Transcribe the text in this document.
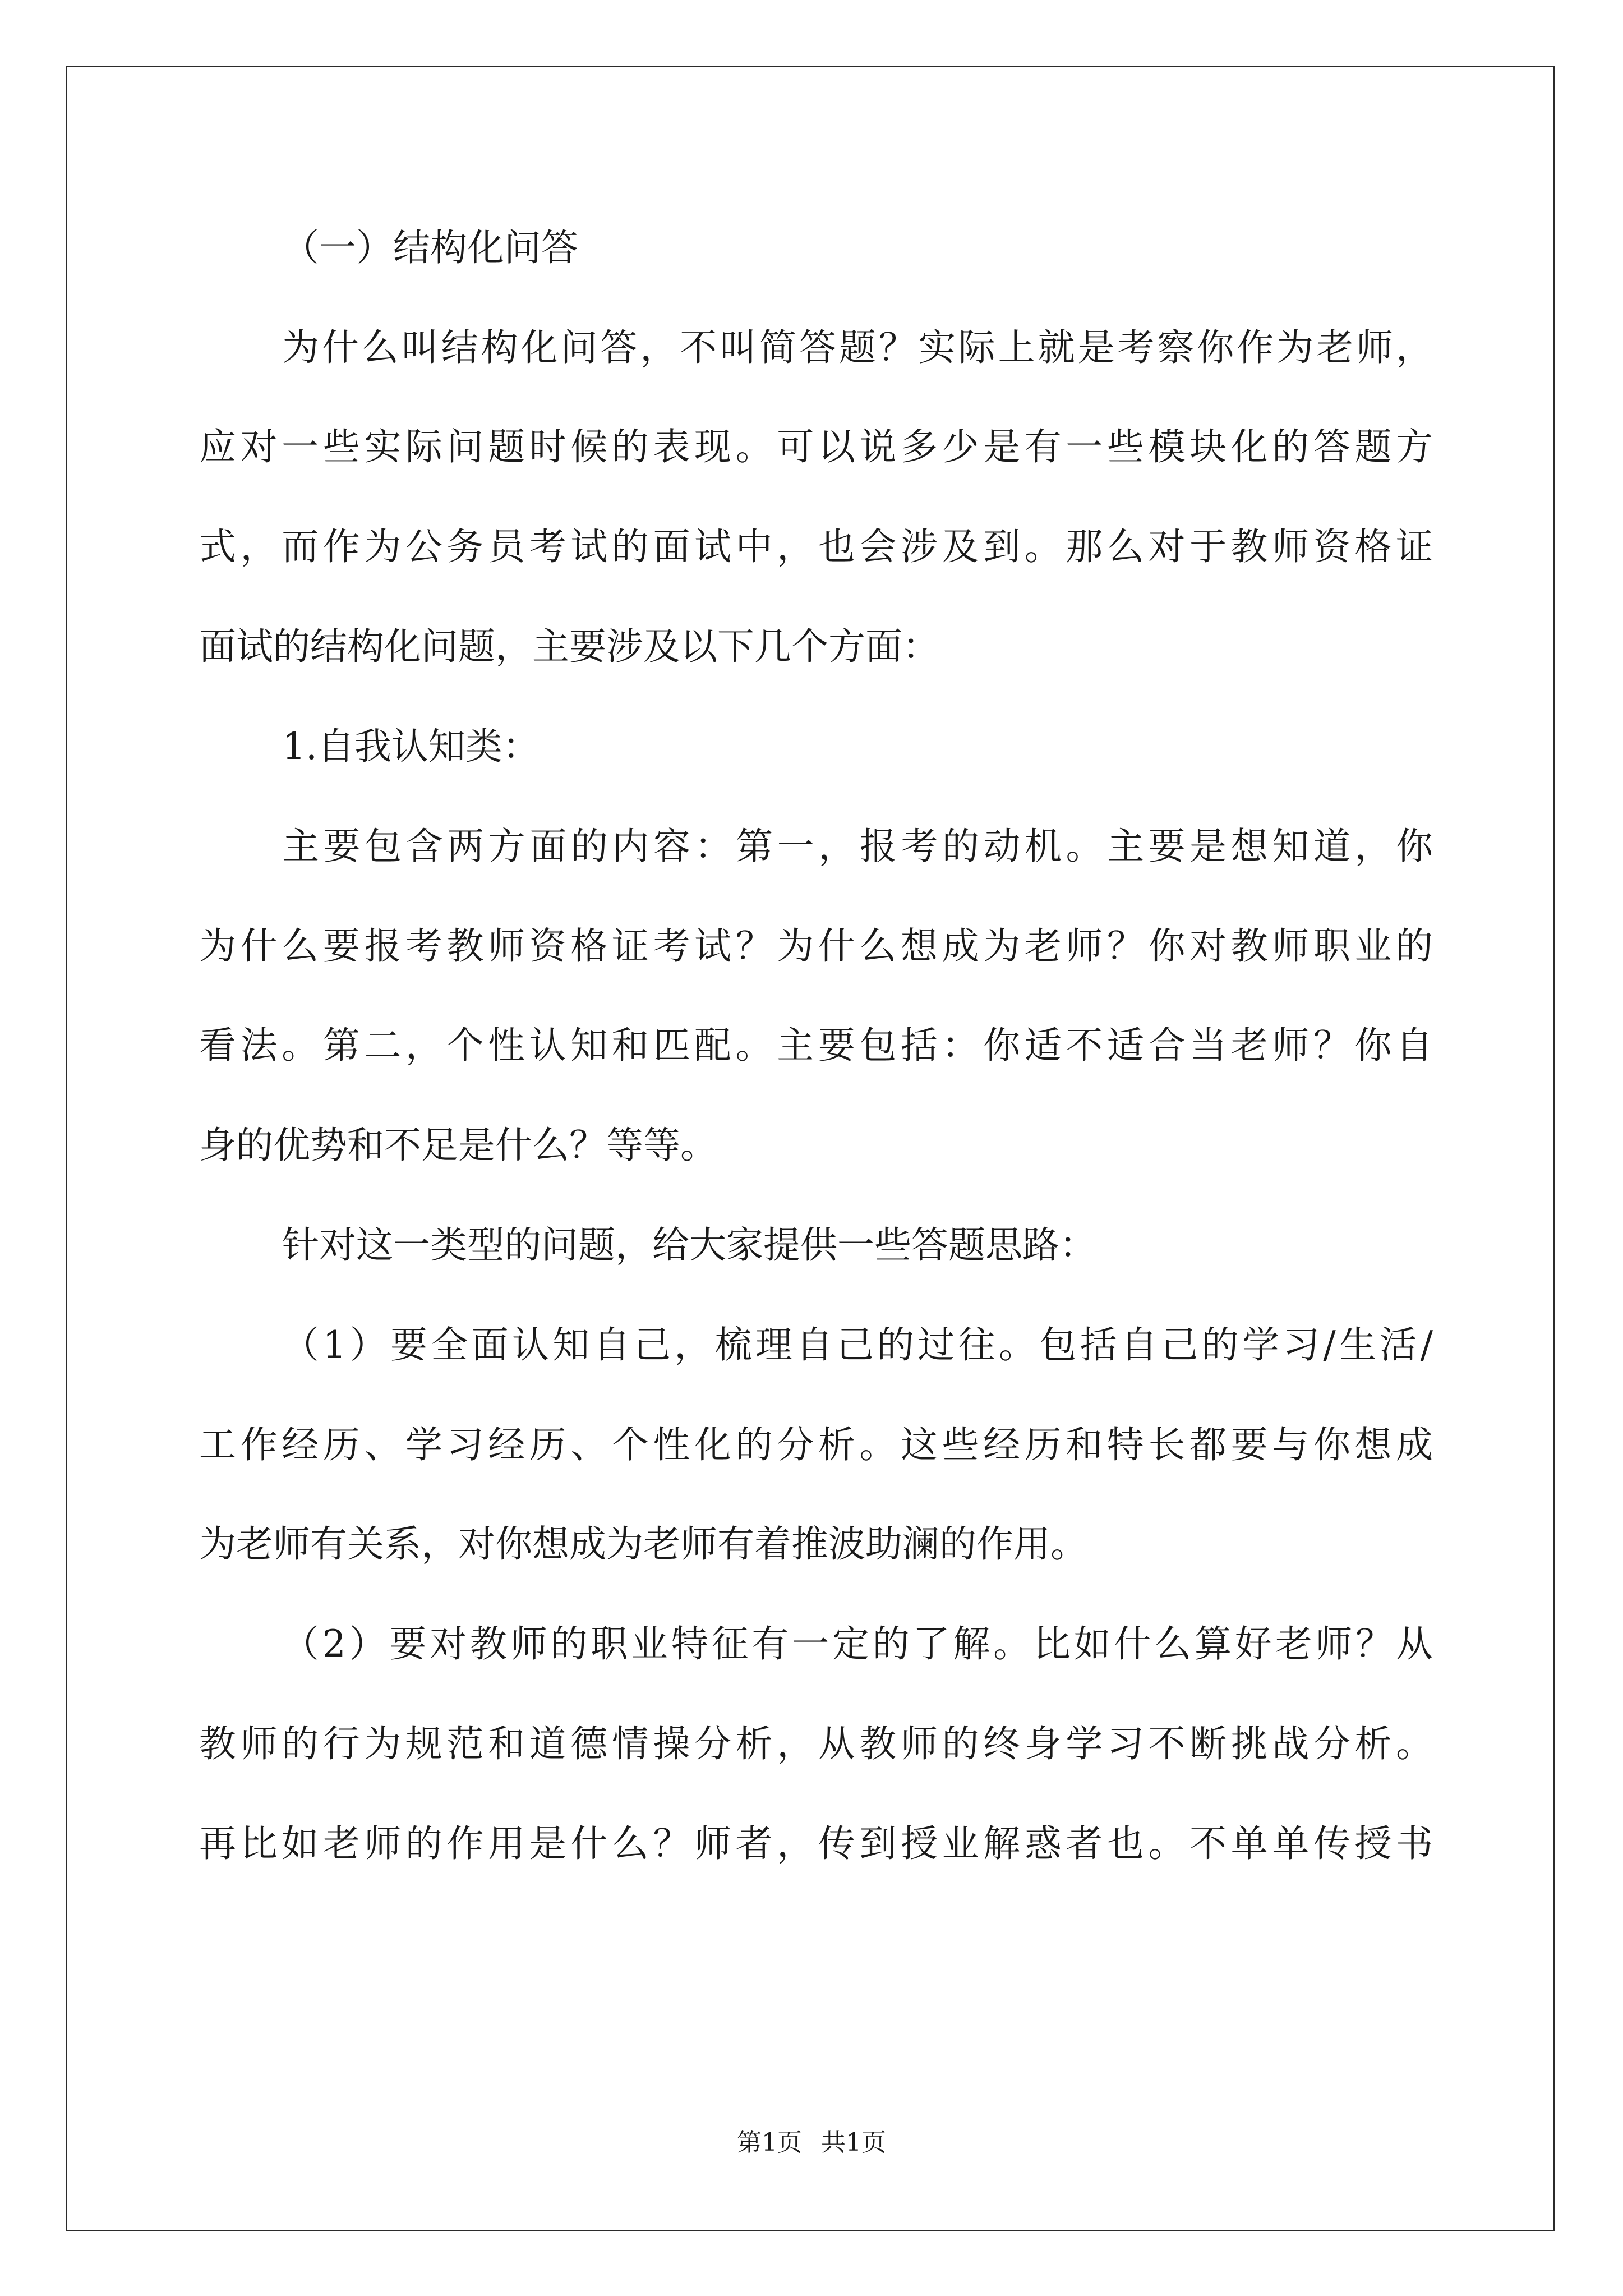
（一）结构化问答
为什么叫结构化问答，不叫简答题？实际上就是考察你作为老师，
应对一些实际问题时候的表现。可以说多少是有一些模块化的答题方
式，而作为公务员考试的面试中，也会涉及到。那么对于教师资格证
面试的结构化问题，主要涉及以下几个方面：
1.自我认知类：
主要包含两方面的内容：第一，报考的动机。主要是想知道，你
为什么要报考教师资格证考试？为什么想成为老师？你对教师职业的
看法。第二，个性认知和匹配。主要包括：你适不适合当老师？你自
身的优势和不足是什么？等等。
针对这一类型的问题，给大家提供一些答题思路：
（1）要全面认知自己，梳理自己的过往。包括自己的学习/生活/
工作经历、学习经历、个性化的分析。这些经历和特长都要与你想成
为老师有关系，对你想成为老师有着推波助澜的作用。
（2）要对教师的职业特征有一定的了解。比如什么算好老师？从
教师的行为规范和道德情操分析，从教师的终身学习不断挑战分析。
再比如老师的作用是什么？师者，传到授业解惑者也。不单单传授书
第1页 共1页
